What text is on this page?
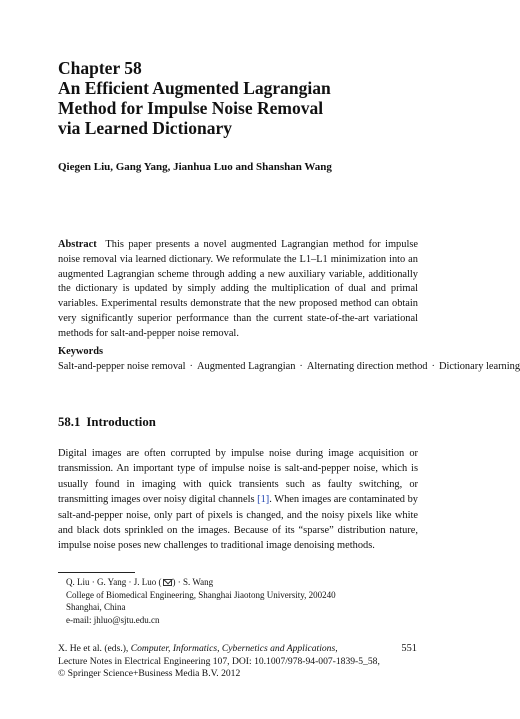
Chapter 58
An Efficient Augmented Lagrangian
Method for Impulse Noise Removal
via Learned Dictionary
Qiegen Liu, Gang Yang, Jianhua Luo and Shanshan Wang
Abstract This paper presents a novel augmented Lagrangian method for impulse noise removal via learned dictionary. We reformulate the L1–L1 minimization into an augmented Lagrangian scheme through adding a new auxiliary variable, additionally the dictionary is updated by simply adding the multiplication of dual and primal variables. Experimental results demonstrate that the new proposed method can obtain very significantly superior performance than the current state-of-the-art variational methods for salt-and-pepper noise removal.
Keywords   Salt-and-pepper noise removal · Augmented Lagrangian · Alternating direction method · Dictionary learning
58.1 Introduction
Digital images are often corrupted by impulse noise during image acquisition or transmission. An important type of impulse noise is salt-and-pepper noise, which is usually found in imaging with quick transients such as faulty switching, or transmitting images over noisy digital channels [1]. When images are contaminated by salt-and-pepper noise, only part of pixels is changed, and the noisy pixels like white and black dots sprinkled on the images. Because of its “sparse” distribution nature, impulse noise poses new challenges to traditional image denoising methods.
Q. Liu · G. Yang · J. Luo ( ) · S. Wang
College of Biomedical Engineering, Shanghai Jiaotong University, 200240
Shanghai, China
e-mail: jhluo@sjtu.edu.cn
X. He et al. (eds.), Computer, Informatics, Cybernetics and Applications,
Lecture Notes in Electrical Engineering 107, DOI: 10.1007/978-94-007-1839-5_58,
© Springer Science+Business Media B.V. 2012
551
